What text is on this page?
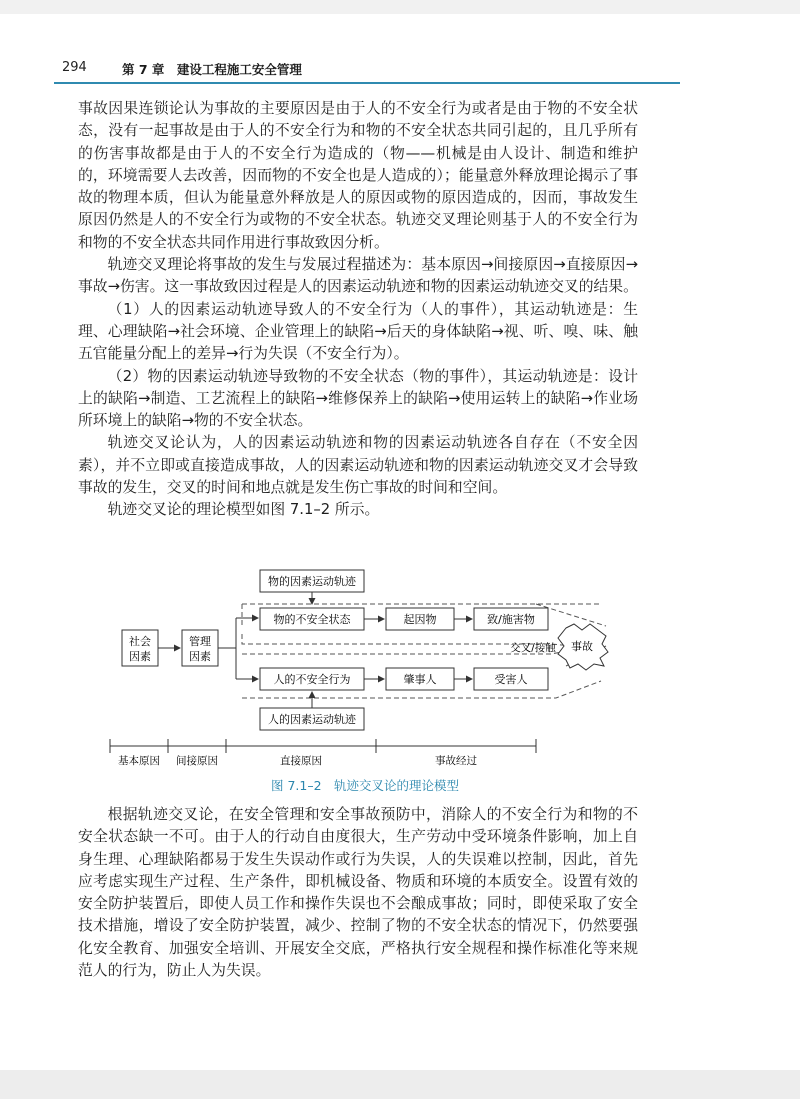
294	第 7 章　建设工程施工安全管理

事故因果连锁论认为事故的主要原因是由于人的不安全行为或者是由于物的不安全状态，没有一起事故是由于人的不安全行为和物的不安全状态共同引起的，且几乎所有的伤害事故都是由于人的不安全行为造成的（物——机械是由人设计、制造和维护的，环境需要人去改善，因而物的不安全也是人造成的）；能量意外释放理论揭示了事故的物理本质，但认为能量意外释放是人的原因或物的原因造成的，因而，事故发生原因仍然是人的不安全行为或物的不安全状态。轨迹交叉理论则基于人的不安全行为和物的不安全状态共同作用进行事故致因分析。

轨迹交叉理论将事故的发生与发展过程描述为：基本原因→间接原因→直接原因→事故→伤害。这一事故致因过程是人的因素运动轨迹和物的因素运动轨迹交叉的结果。

（1）人的因素运动轨迹导致人的不安全行为（人的事件），其运动轨迹是：生理、心理缺陷→社会环境、企业管理上的缺陷→后天的身体缺陷→视、听、嗅、味、触五官能量分配上的差异→行为失误（不安全行为）。

（2）物的因素运动轨迹导致物的不安全状态（物的事件），其运动轨迹是：设计上的缺陷→制造、工艺流程上的缺陷→维修保养上的缺陷→使用运转上的缺陷→作业场所环境上的缺陷→物的不安全状态。

轨迹交叉论认为，人的因素运动轨迹和物的因素运动轨迹各自存在（不安全因素），并不立即或直接造成事故，人的因素运动轨迹和物的因素运动轨迹交叉才会导致事故的发生，交叉的时间和地点就是发生伤亡事故的时间和空间。

轨迹交叉论的理论模型如图 7.1–2 所示。

物的因素运动轨迹
社会
因素
管理
因素
物的不安全状态	起因物	致/施害物
人的不安全行为	肇事人	受害人
交叉/接触 事故
人的因素运动轨迹
基本原因 间接原因	直接原因	事故经过
图 7.1–2　轨迹交叉论的理论模型

根据轨迹交叉论，在安全管理和安全事故预防中，消除人的不安全行为和物的不安全状态缺一不可。由于人的行动自由度很大，生产劳动中受环境条件影响，加上自身生理、心理缺陷都易于发生失误动作或行为失误，人的失误难以控制，因此，首先应考虑实现生产过程、生产条件，即机械设备、物质和环境的本质安全。设置有效的安全防护装置后，即使人员工作和操作失误也不会酿成事故；同时，即使采取了安全技术措施，增设了安全防护装置，减少、控制了物的不安全状态的情况下，仍然要强化安全教育、加强安全培训、开展安全交底，严格执行安全规程和操作标准化等来规范人的行为，防止人为失误。
